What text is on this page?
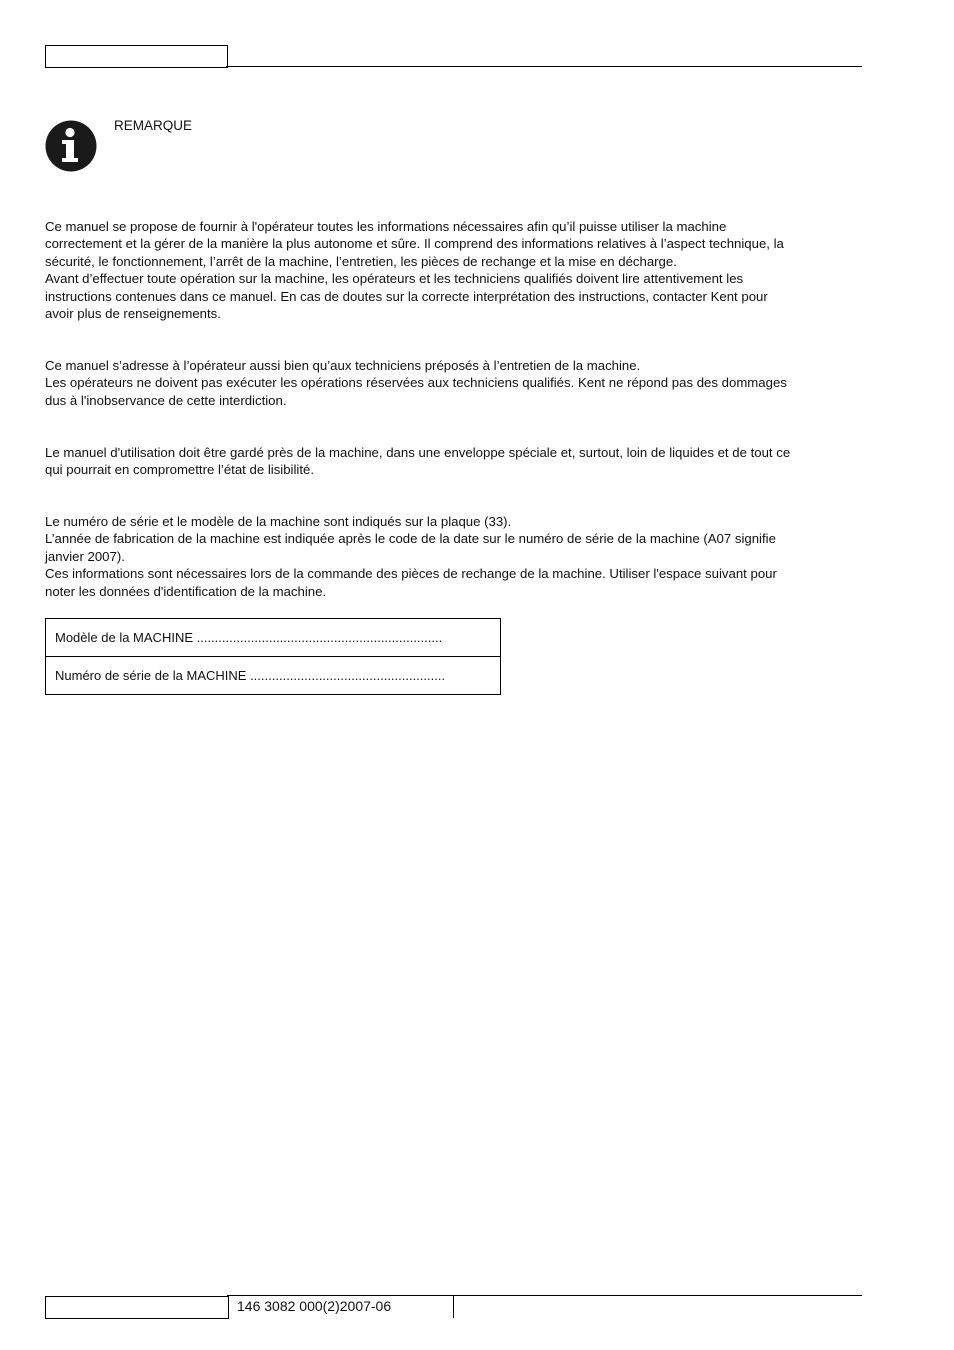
REMARQUE
Ce manuel se propose de fournir à l'opérateur toutes les informations nécessaires afin qu’il puisse utiliser la machine
correctement et la gérer de la manière la plus autonome et sûre. Il comprend des informations relatives à l’aspect technique, la
sécurité, le fonctionnement, l’arrêt de la machine, l’entretien, les pièces de rechange et la mise en décharge.
Avant d’effectuer toute opération sur la machine, les opérateurs et les techniciens qualifiés doivent lire attentivement les
instructions contenues dans ce manuel. En cas de doutes sur la correcte interprétation des instructions, contacter Kent pour
avoir plus de renseignements.
Ce manuel s’adresse à l’opérateur aussi bien qu’aux techniciens préposés à l’entretien de la machine.
Les opérateurs ne doivent pas exécuter les opérations réservées aux techniciens qualifiés. Kent ne répond pas des dommages
dus à l'inobservance de cette interdiction.
Le manuel d'utilisation doit être gardé près de la machine, dans une enveloppe spéciale et, surtout, loin de liquides et de tout ce
qui pourrait en compromettre l’état de lisibilité.
Le numéro de série et le modèle de la machine sont indiqués sur la plaque (33).
L’année de fabrication de la machine est indiquée après le code de la date sur le numéro de série de la machine (A07 signifie
janvier 2007).
Ces informations sont nécessaires lors de la commande des pièces de rechange de la machine. Utiliser l'espace suivant pour
noter les données d'identification de la machine.
Modèle de la MACHINE ....................................................................
Numéro de série de la MACHINE ......................................................
146 3082 000(2)2007-06
